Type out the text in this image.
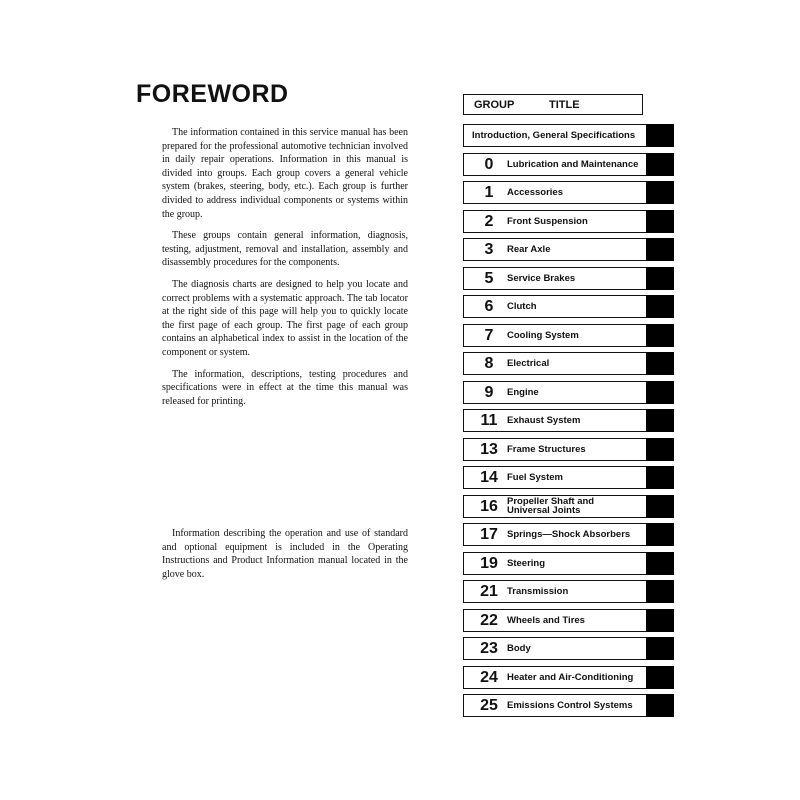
FOREWORD

The information contained in this service manual has been prepared for the professional automotive technician involved in daily repair operations. Information in this manual is divided into groups. Each group covers a general vehicle system (brakes, steering, body, etc.). Each group is further divided to address individual components or systems within the group.

These groups contain general information, diagnosis, testing, adjustment, removal and installation, assembly and disassembly procedures for the components.

The diagnosis charts are designed to help you locate and correct problems with a systematic approach. The tab locator at the right side of this page will help you to quickly locate the first page of each group. The first page of each group contains an alphabetical index to assist in the location of the component or system.

The information, descriptions, testing procedures and specifications were in effect at the time this manual was released for printing.

Information describing the operation and use of standard and optional equipment is included in the Operating Instructions and Product Information manual located in the glove box.

GROUP	TITLE
Introduction, General Specifications
0	Lubrication and Maintenance
1	Accessories
2	Front Suspension
3	Rear Axle
5	Service Brakes
6	Clutch
7	Cooling System
8	Electrical
9	Engine
11	Exhaust System
13 Frame Structures
14 Fuel System
16 Propeller Shaft and
Universal Joints
17 Springs—Shock Absorbers
19 Steering
21 Transmission
22 Wheels and Tires
23 Body
24 Heater and Air-Conditioning
25 Emissions Control Systems
